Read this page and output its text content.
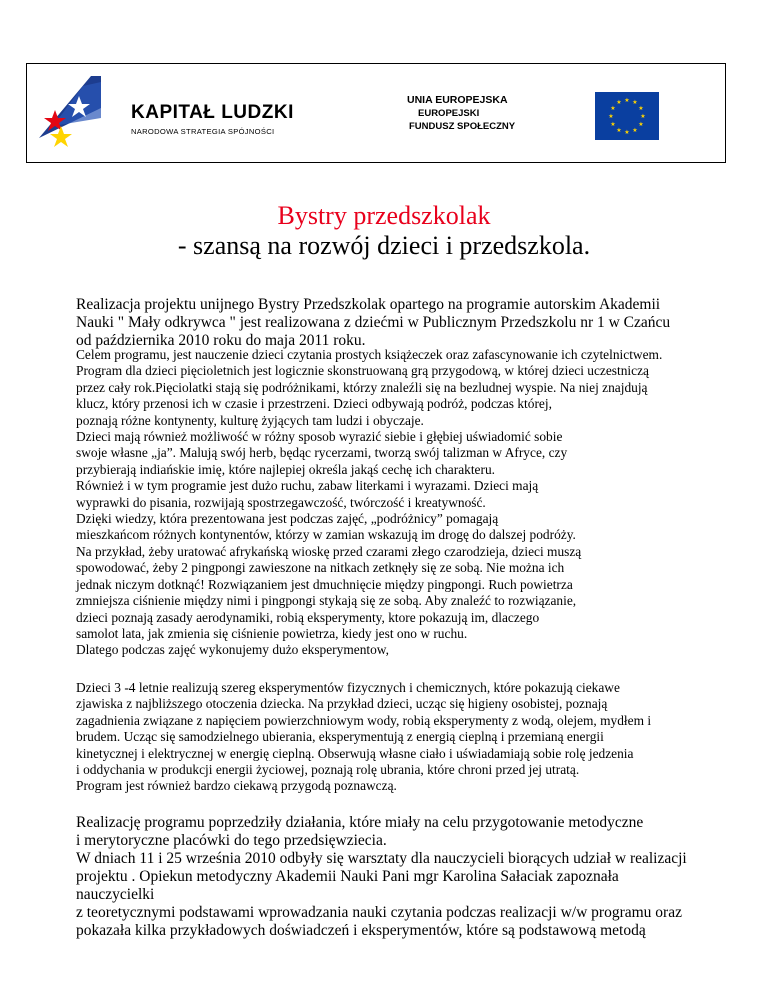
KAPITAŁ LUDZKI
NARODOWA STRATEGIA SPÓJNOŚCI
UNIA EUROPEJSKA
EUROPEJSKI
FUNDUSZ SPOŁECZNY
★ ★
★
★
★
★
★
★
★
★
★
★
Bystry przedszkolak
- szansą na rozwój dzieci i przedszkola.
Realizacja projektu unijnego Bystry Przedszkolak opartego na programie autorskim Akademii
Nauki " Mały odkrywca " jest realizowana z dziećmi w Publicznym Przedszkolu nr 1 w Czańcu
od października 2010 roku do maja 2011 roku.
Celem programu, jest nauczenie dzieci czytania prostych książeczek oraz zafascynowanie ich czytelnictwem.
Program dla dzieci pięcioletnich jest logicznie skonstruowaną grą przygodową, w której dzieci uczestniczą
przez cały rok.Pięciolatki stają się podróżnikami, którzy znaleźli się na bezludnej wyspie. Na niej znajdują
klucz, który przenosi ich w czasie i przestrzeni. Dzieci odbywają podróż, podczas której,
poznają różne kontynenty, kulturę żyjących tam ludzi i obyczaje.
Dzieci mają również możliwość w różny sposob wyrazić siebie i głębiej uświadomić sobie
swoje własne „ja”. Malują swój herb, będąc rycerzami, tworzą swój talizman w Afryce, czy
przybierają indiańskie imię, które najlepiej określa jakąś cechę ich charakteru.
Również i w tym programie jest dużo ruchu, zabaw literkami i wyrazami. Dzieci mają
wyprawki do pisania, rozwijają spostrzegawczość, twórczość i kreatywność.
Dzięki wiedzy, która prezentowana jest podczas zajęć, „podróżnicy” pomagają
mieszkańcom różnych kontynentów, którzy w zamian wskazują im drogę do dalszej podróży.
Na przykład, żeby uratować afrykańską wioskę przed czarami złego czarodzieja, dzieci muszą
spowodować, żeby 2 pingpongi zawieszone na nitkach zetknęły się ze sobą. Nie można ich
jednak niczym dotknąć! Rozwiązaniem jest dmuchnięcie między pingpongi. Ruch powietrza
zmniejsza ciśnienie między nimi i pingpongi stykają się ze sobą. Aby znaleźć to rozwiązanie,
dzieci poznają zasady aerodynamiki, robią eksperymenty, ktore pokazują im, dlaczego
samolot lata, jak zmienia się ciśnienie powietrza, kiedy jest ono w ruchu.
Dlatego podczas zajęć wykonujemy dużo eksperymentow,
Dzieci 3 -4 letnie realizują szereg eksperymentów fizycznych i chemicznych, które pokazują ciekawe
zjawiska z najbliższego otoczenia dziecka. Na przykład dzieci, ucząc się higieny osobistej, poznają
zagadnienia związane z napięciem powierzchniowym wody, robią eksperymenty z wodą, olejem, mydłem i
brudem. Ucząc się samodzielnego ubierania, eksperymentują z energią cieplną i przemianą energii
kinetycznej i elektrycznej w energię cieplną. Obserwują własne ciało i uświadamiają sobie rolę jedzenia
i oddychania w produkcji energii życiowej, poznają rolę ubrania, które chroni przed jej utratą.
Program jest również bardzo ciekawą przygodą poznawczą.
Realizację programu poprzedziły działania, które miały na celu przygotowanie metodyczne
i merytoryczne placówki do tego przedsięwziecia.
W dniach 11 i 25 września 2010 odbyły się warsztaty dla nauczycieli biorących udział w realizacji
projektu . Opiekun metodyczny Akademii Nauki Pani mgr Karolina Sałaciak zapoznała
nauczycielki
z teoretycznymi podstawami wprowadzania nauki czytania podczas realizacji w/w programu oraz
pokazała kilka przykładowych doświadczeń i eksperymentów, które są podstawową metodą
